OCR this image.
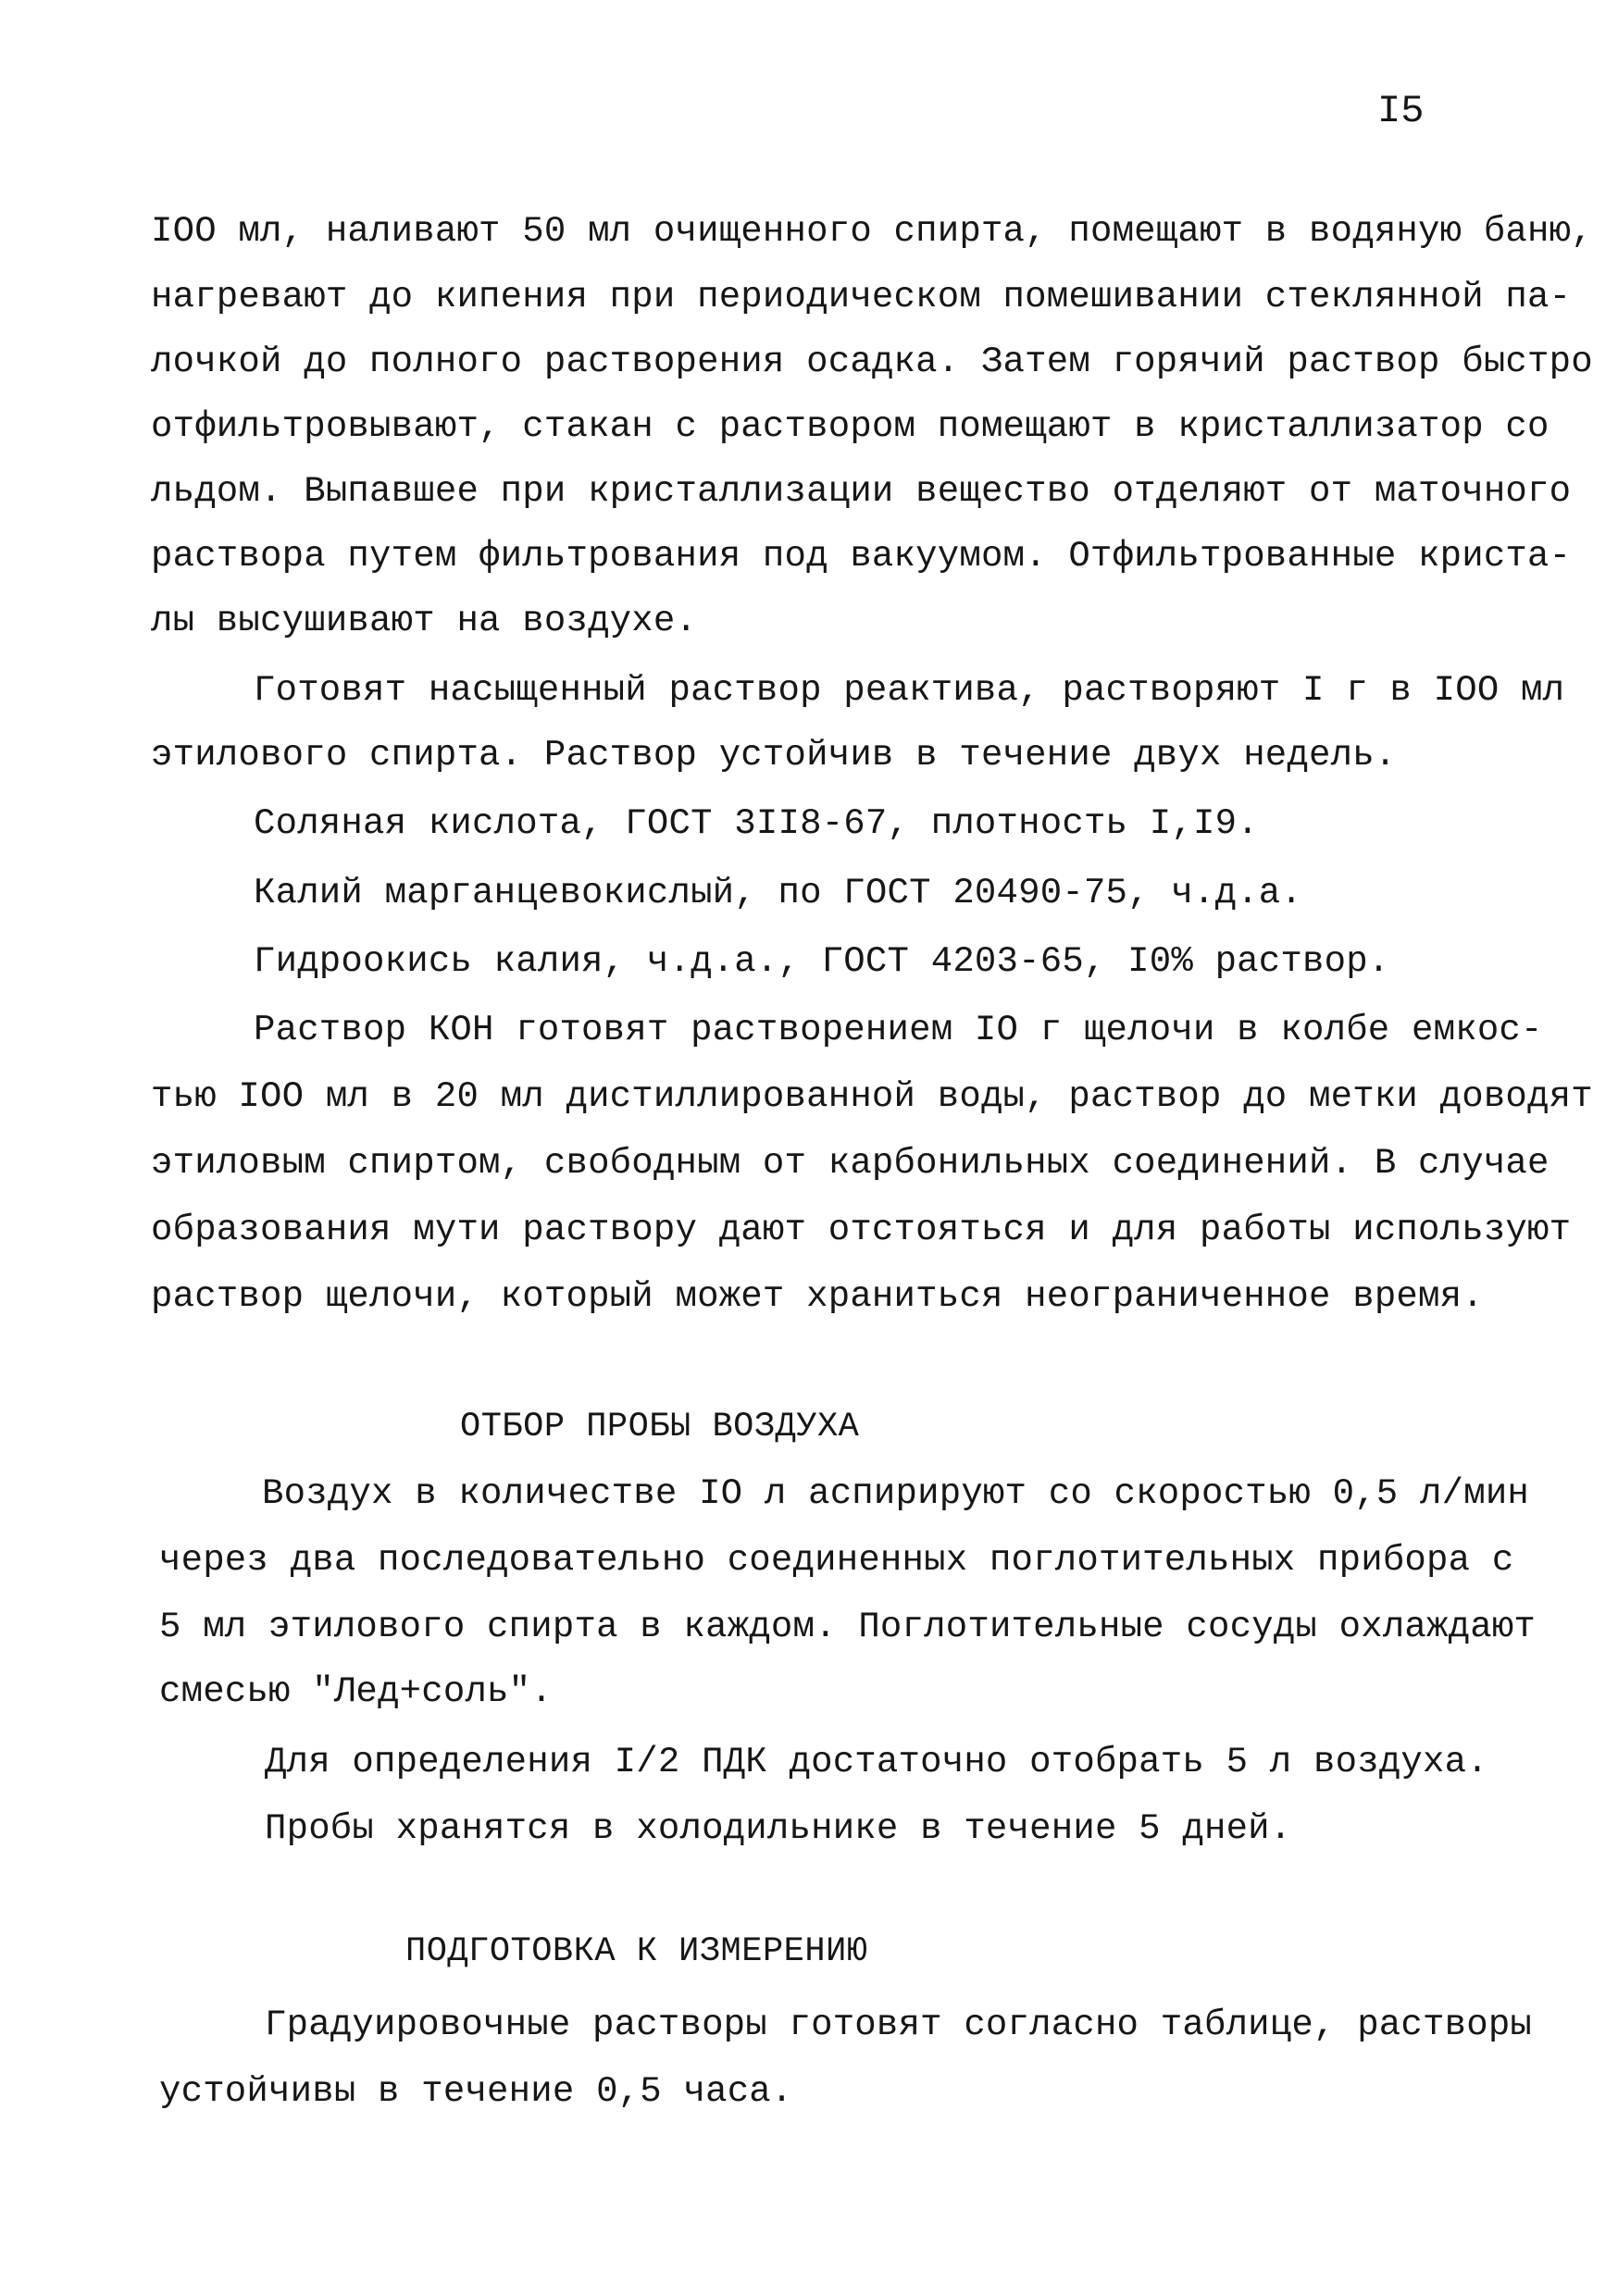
I5
IOO мл, наливают 50 мл очищенного спирта, помещают в водяную баню,
нагревают до кипения при периодическом помешивании стеклянной па-
лочкой до полного растворения осадка. Затем горячий раствор быстро
отфильтровывают, стакан с раствором помещают в кристаллизатор со
льдом. Выпавшее при кристаллизации вещество отделяют от маточного
раствора путем фильтрования под вакуумом. Отфильтрованные криста-
лы высушивают на воздухе.
Готовят насыщенный раствор реактива, растворяют I г в IOO мл
этилового спирта. Раствор устойчив в течение двух недель.
Соляная кислота, ГОСТ 3II8-67, плотность I,I9.
Калий марганцевокислый, по ГОСТ 20490-75, ч.д.а.
Гидроокись калия, ч.д.а., ГОСТ 4203-65, I0% раствор.
Раствор КОН готовят растворением IO г щелочи в колбе емкос-
тью IOO мл в 20 мл дистиллированной воды, раствор до метки доводят
этиловым спиртом, свободным от карбонильных соединений. В случае
образования мути раствору дают отстояться и для работы используют
раствор щелочи, который может храниться неограниченное время.
ОТБОР ПРОБЫ ВОЗДУХА
Воздух в количестве IO л аспирируют со скоростью 0,5 л/мин
через два последовательно соединенных поглотительных прибора с
5 мл этилового спирта в каждом. Поглотительные сосуды охлаждают
смесью "Лед+соль".
Для определения I/2 ПДК достаточно отобрать 5 л воздуха.
Пробы хранятся в холодильнике в течение 5 дней.
ПОДГОТОВКА К ИЗМЕРЕНИЮ
Градуировочные растворы готовят согласно таблице, растворы
устойчивы в течение 0,5 часа.
